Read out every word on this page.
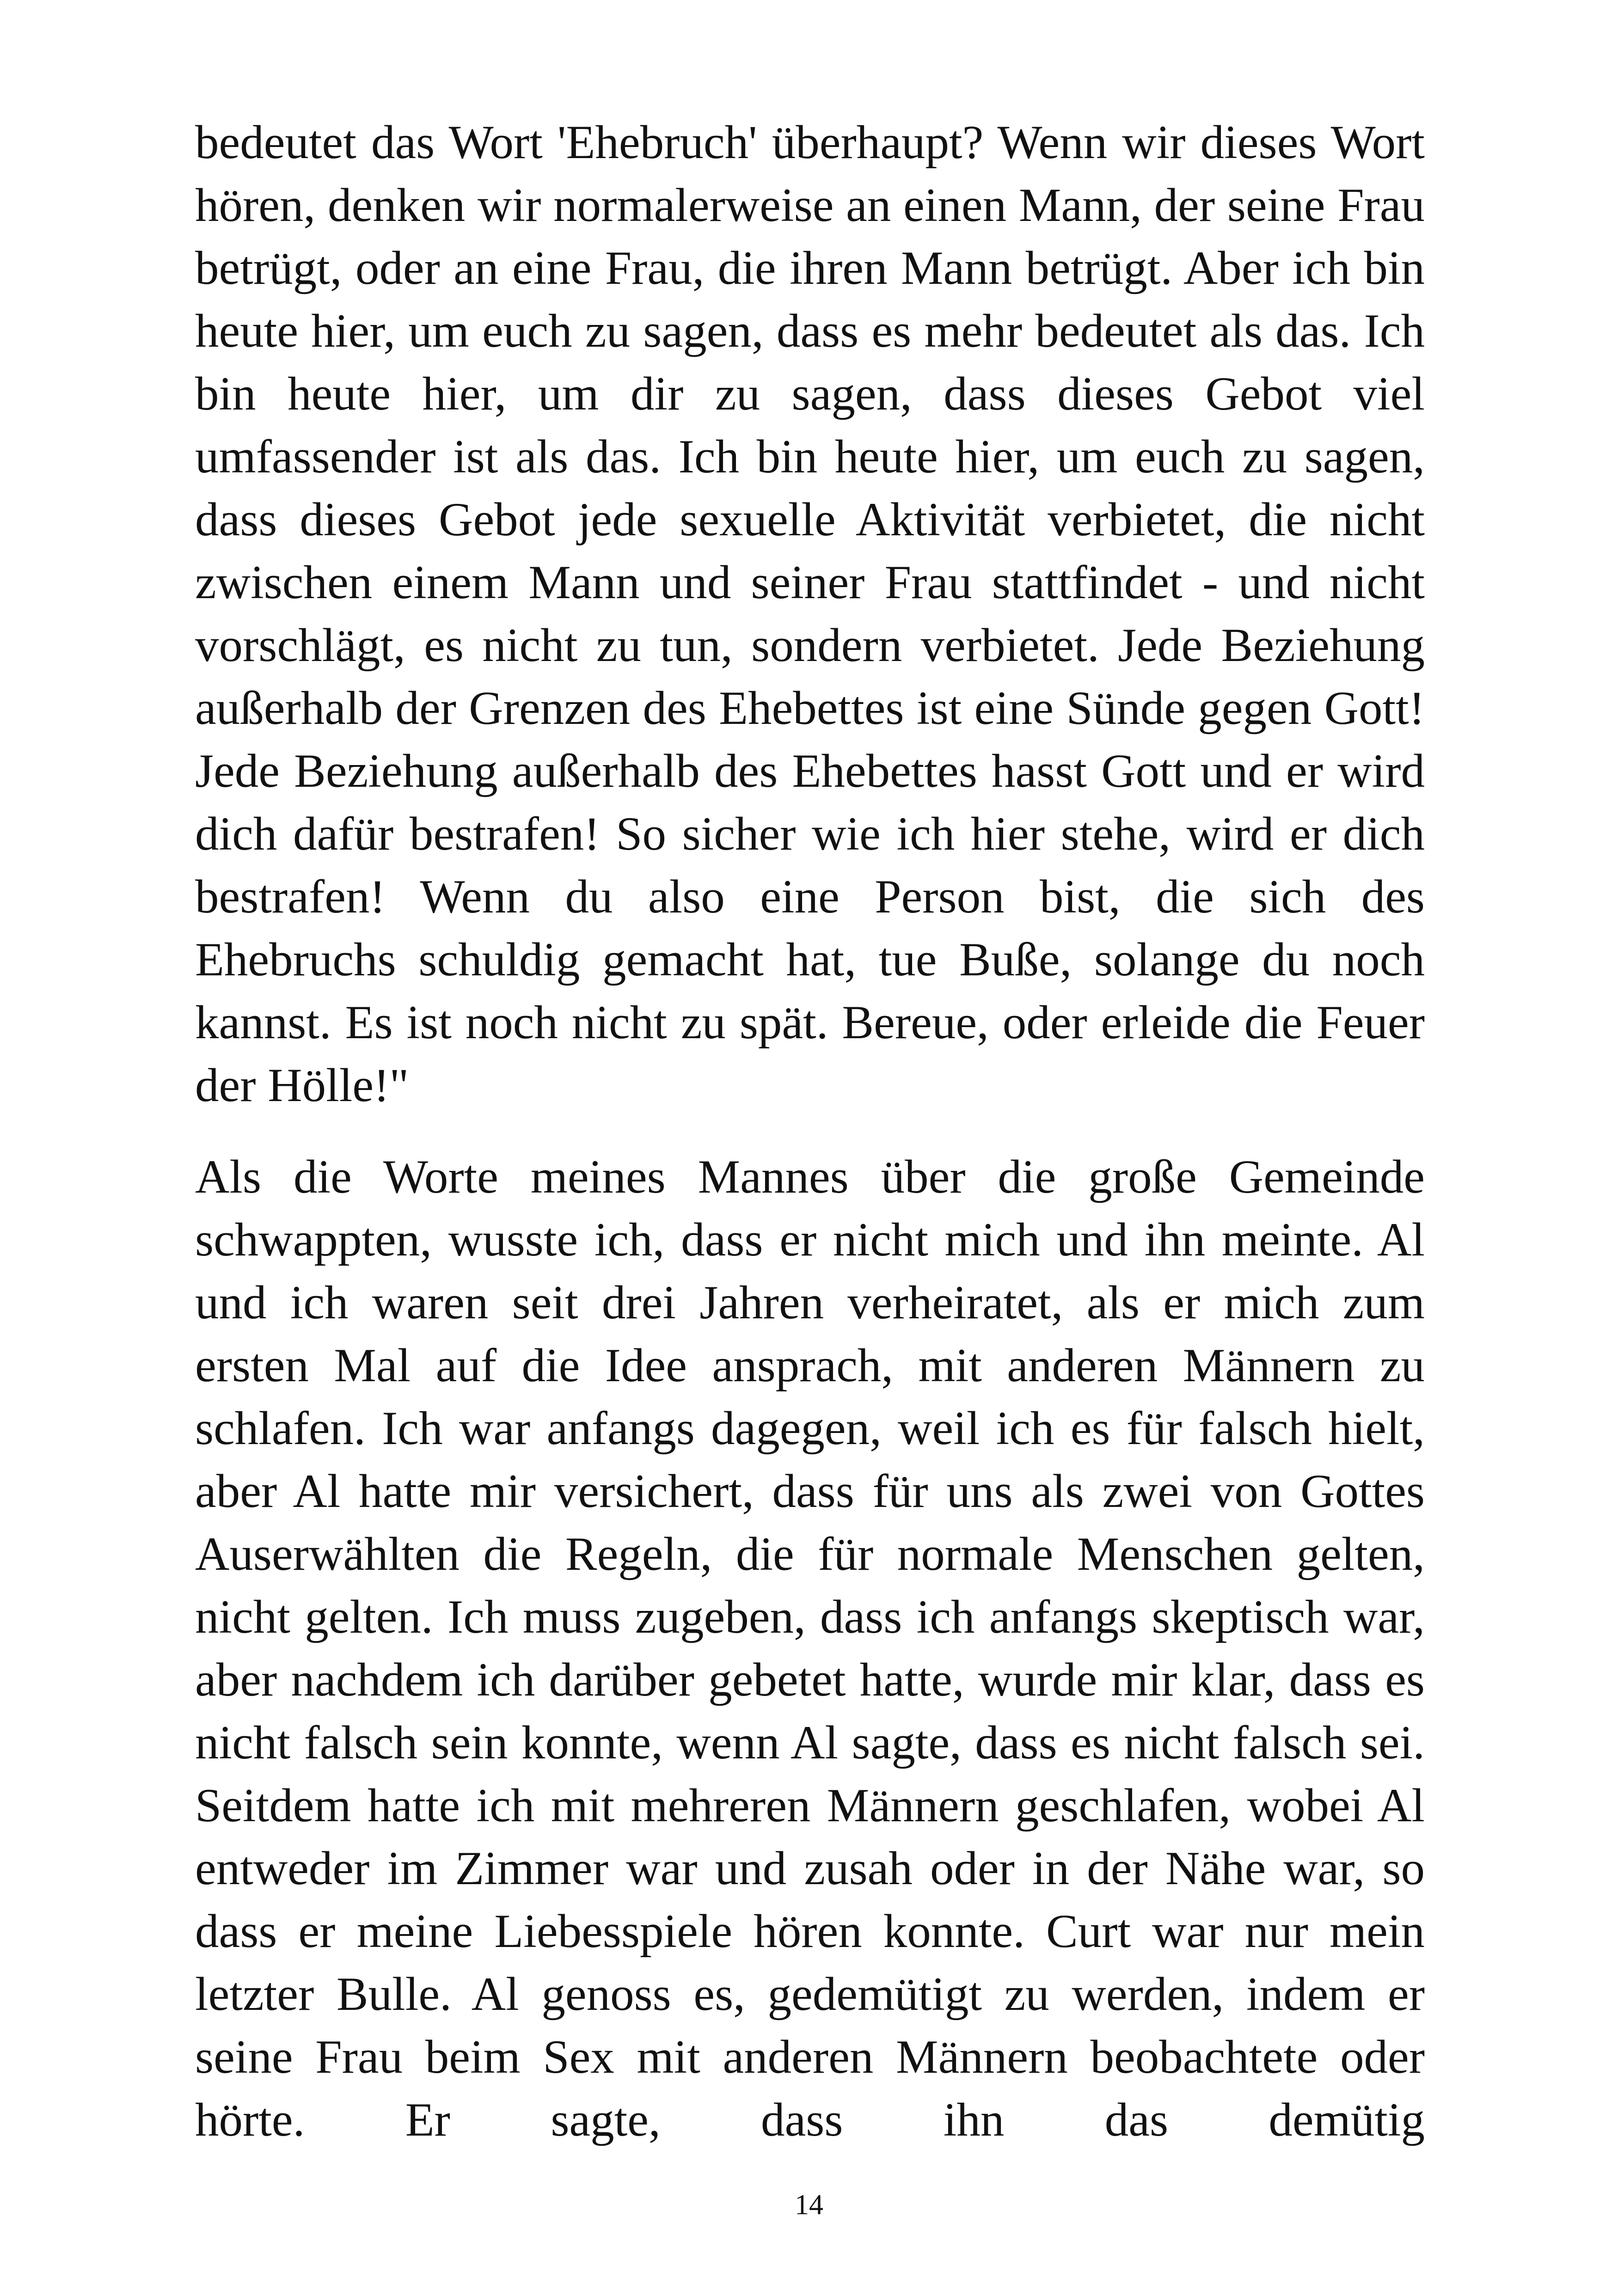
bedeutet das Wort 'Ehebruch' überhaupt? Wenn wir dieses Wort hören, denken wir normalerweise an einen Mann, der seine Frau betrügt, oder an eine Frau, die ihren Mann betrügt. Aber ich bin heute hier, um euch zu sagen, dass es mehr bedeutet als das. Ich bin heute hier, um dir zu sagen, dass dieses Gebot viel umfassender ist als das. Ich bin heute hier, um euch zu sagen, dass dieses Gebot jede sexuelle Aktivität verbietet, die nicht zwischen einem Mann und seiner Frau stattfindet - und nicht vorschlägt, es nicht zu tun, sondern verbietet. Jede Beziehung außerhalb der Grenzen des Ehebettes ist eine Sünde gegen Gott! Jede Beziehung außerhalb des Ehebettes hasst Gott und er wird dich dafür bestrafen! So sicher wie ich hier stehe, wird er dich bestrafen! Wenn du also eine Person bist, die sich des Ehebruchs schuldig gemacht hat, tue Buße, solange du noch kannst. Es ist noch nicht zu spät. Bereue, oder erleide die Feuer der Hölle!"

Als die Worte meines Mannes über die große Gemeinde schwappten, wusste ich, dass er nicht mich und ihn meinte. Al und ich waren seit drei Jahren verheiratet, als er mich zum ersten Mal auf die Idee ansprach, mit anderen Männern zu schlafen. Ich war anfangs dagegen, weil ich es für falsch hielt, aber Al hatte mir versichert, dass für uns als zwei von Gottes Auserwählten die Regeln, die für normale Menschen gelten, nicht gelten. Ich muss zugeben, dass ich anfangs skeptisch war, aber nachdem ich darüber gebetet hatte, wurde mir klar, dass es nicht falsch sein konnte, wenn Al sagte, dass es nicht falsch sei. Seitdem hatte ich mit mehreren Männern geschlafen, wobei Al entweder im Zimmer war und zusah oder in der Nähe war, so dass er meine Liebesspiele hören konnte. Curt war nur mein letzter Bulle. Al genoss es, gedemütigt zu werden, indem er seine Frau beim Sex mit anderen Männern beobachtete oder hörte. Er sagte, dass ihn das demütig

14
